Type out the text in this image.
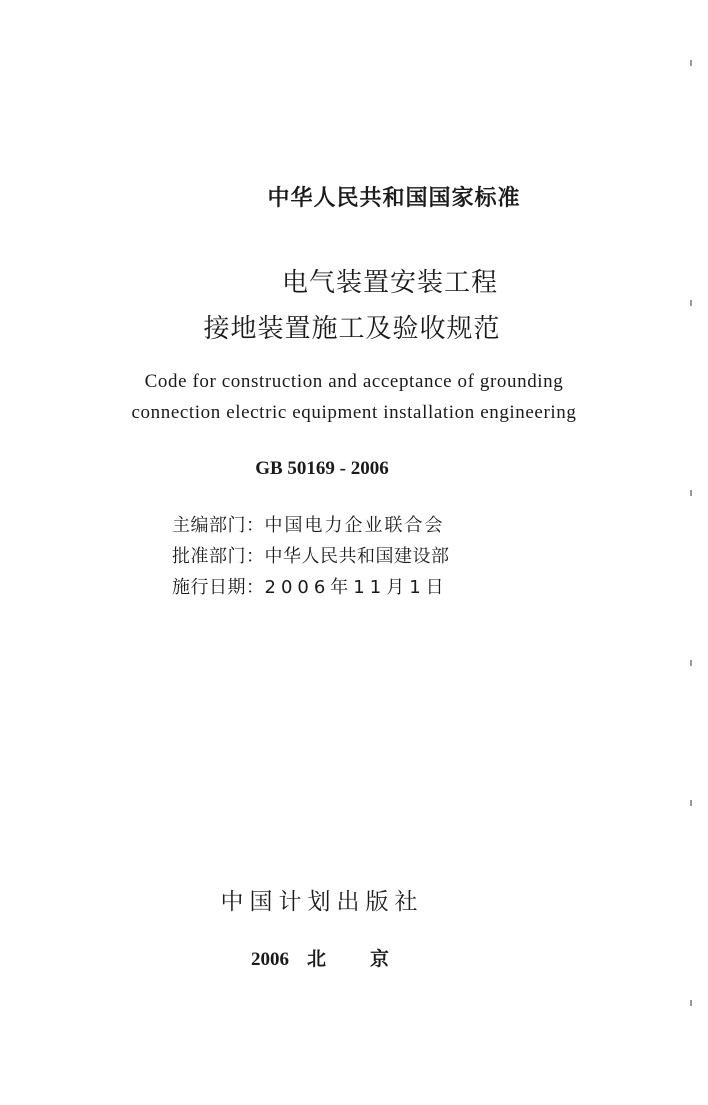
中华人民共和国国家标准
电气装置安装工程
接地装置施工及验收规范
Code for construction and acceptance of grounding
connection electric equipment installation engineering
GB 50169 - 2006
主编部门：中国电力企业联合会
批准部门：中华人民共和国建设部
施行日期：2006年11月1日
中国计划出版社
2006 北 京
